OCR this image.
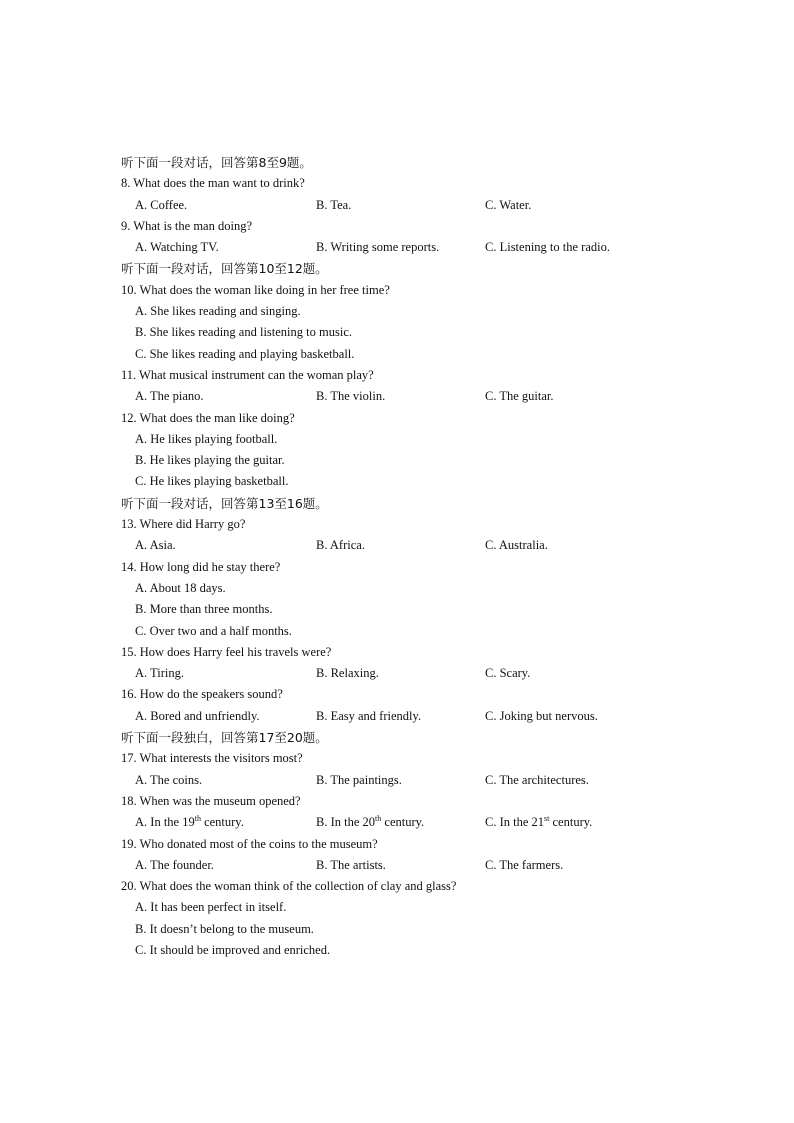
听下面一段对话，回答第8至9题。
8. What does the man want to drink?
A. Coffee.	B. Tea.	C. Water.
9. What is the man doing?
A. Watching TV.	B. Writing some reports.	C. Listening to the radio.
听下面一段对话，回答第10至12题。
10. What does the woman like doing in her free time?
A. She likes reading and singing.
B. She likes reading and listening to music.
C. She likes reading and playing basketball.
11. What musical instrument can the woman play?
A. The piano.	B. The violin.	C. The guitar.
12. What does the man like doing?
A. He likes playing football.
B. He likes playing the guitar.
C. He likes playing basketball.
听下面一段对话，回答第13至16题。
13. Where did Harry go?
A. Asia.	B. Africa.	C. Australia.
14. How long did he stay there?
A. About 18 days.
B. More than three months.
C. Over two and a half months.
15. How does Harry feel his travels were?
A. Tiring.	B. Relaxing.	C. Scary.
16. How do the speakers sound?
A. Bored and unfriendly.	B. Easy and friendly.	C. Joking but nervous.
听下面一段独白，回答第17至20题。
17. What interests the visitors most?
A. The coins.	B. The paintings.	C. The architectures.
18. When was the museum opened?
A. In the 19th century.	B. In the 20th century.	C. In the 21st century.
19. Who donated most of the coins to the museum?
A. The founder.	B. The artists.	C. The farmers.
20. What does the woman think of the collection of clay and glass?
A. It has been perfect in itself.
B. It doesn’t belong to the museum.
C. It should be improved and enriched.
